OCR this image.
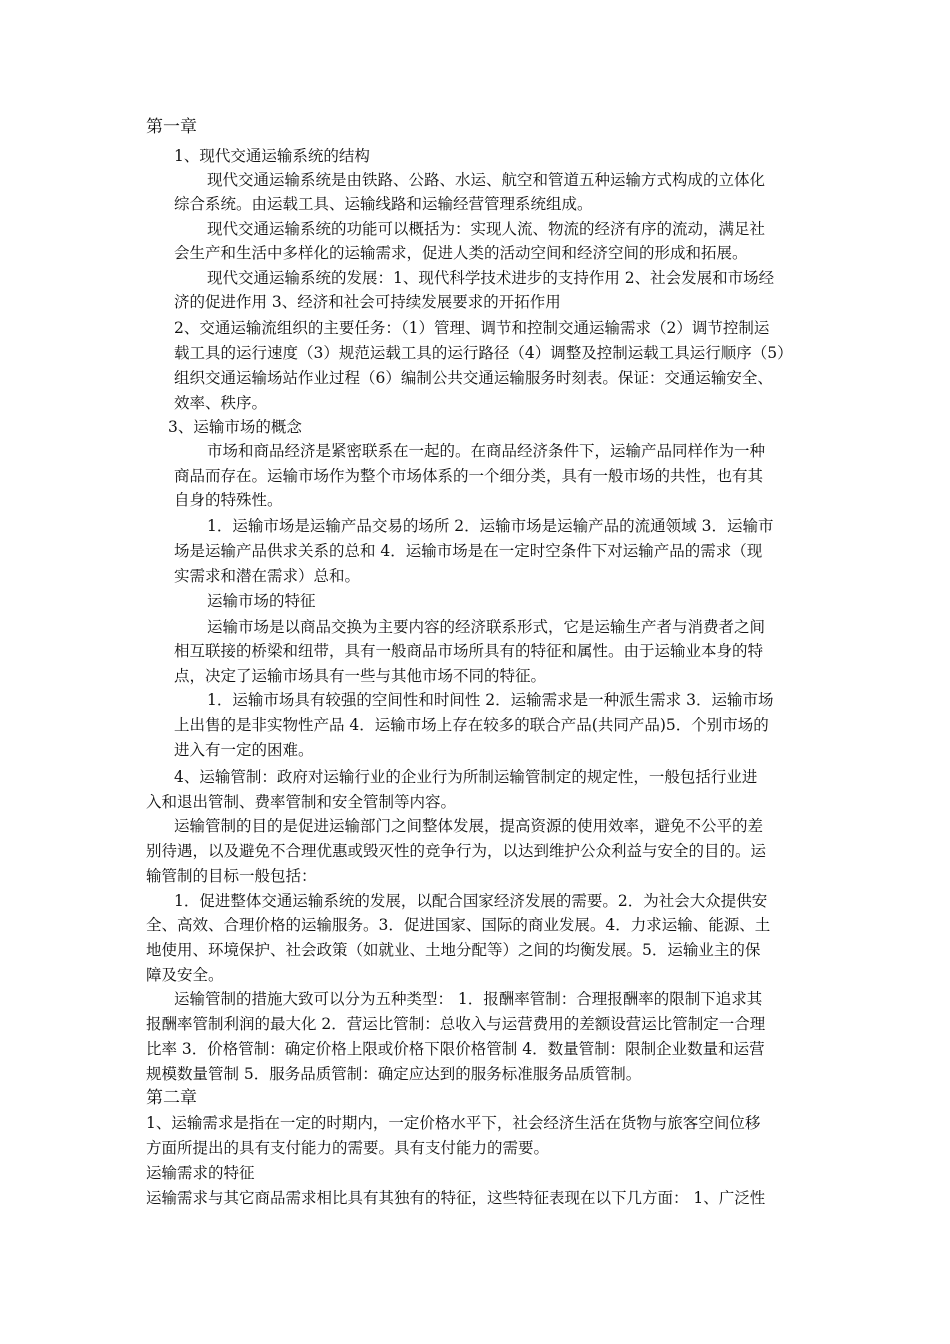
第一章
1、现代交通运输系统的结构
现代交通运输系统是由铁路、公路、水运、航空和管道五种运输方式构成的立体化
综合系统。由运载工具、运输线路和运输经营管理系统组成。
现代交通运输系统的功能可以概括为：实现人流、物流的经济有序的流动，满足社
会生产和生活中多样化的运输需求，促进人类的活动空间和经济空间的形成和拓展。
现代交通运输系统的发展：1、现代科学技术进步的支持作用 2、社会发展和市场经
济的促进作用 3、经济和社会可持续发展要求的开拓作用
2、交通运输流组织的主要任务：（1）管理、调节和控制交通运输需求（2）调节控制运
载工具的运行速度（3）规范运载工具的运行路径（4）调整及控制运载工具运行顺序（5）
组织交通运输场站作业过程（6）编制公共交通运输服务时刻表。保证：交通运输安全、
效率、秩序。
3、运输市场的概念
市场和商品经济是紧密联系在一起的。在商品经济条件下，运输产品同样作为一种
商品而存在。运输市场作为整个市场体系的一个细分类，具有一般市场的共性，也有其
自身的特殊性。
1．运输市场是运输产品交易的场所 2．运输市场是运输产品的流通领域 3．运输市
场是运输产品供求关系的总和 4．运输市场是在一定时空条件下对运输产品的需求（现
实需求和潜在需求）总和。
运输市场的特征
运输市场是以商品交换为主要内容的经济联系形式，它是运输生产者与消费者之间
相互联接的桥梁和纽带，具有一般商品市场所具有的特征和属性。由于运输业本身的特
点，决定了运输市场具有一些与其他市场不同的特征。
1．运输市场具有较强的空间性和时间性 2．运输需求是一种派生需求 3．运输市场
上出售的是非实物性产品 4．运输市场上存在较多的联合产品(共同产品)5．个别市场的
进入有一定的困难。
4、运输管制：政府对运输行业的企业行为所制运输管制定的规定性，一般包括行业进
入和退出管制、费率管制和安全管制等内容。
运输管制的目的是促进运输部门之间整体发展，提高资源的使用效率，避免不公平的差
别待遇，以及避免不合理优惠或毁灭性的竞争行为，以达到维护公众利益与安全的目的。运
输管制的目标一般包括：
1．促进整体交通运输系统的发展，以配合国家经济发展的需要。2．为社会大众提供安
全、高效、合理价格的运输服务。3．促进国家、国际的商业发展。4．力求运输、能源、土
地使用、环境保护、社会政策（如就业、土地分配等）之间的均衡发展。5．运输业主的保
障及安全。
运输管制的措施大致可以分为五种类型： 1．报酬率管制：合理报酬率的限制下追求其
报酬率管制利润的最大化 2．营运比管制：总收入与运营费用的差额设营运比管制定一合理
比率 3．价格管制：确定价格上限或价格下限价格管制 4．数量管制：限制企业数量和运营
规模数量管制 5．服务品质管制：确定应达到的服务标准服务品质管制。
第二章
1、运输需求是指在一定的时期内，一定价格水平下，社会经济生活在货物与旅客空间位移
方面所提出的具有支付能力的需要。具有支付能力的需要。
运输需求的特征
运输需求与其它商品需求相比具有其独有的特征，这些特征表现在以下几方面： 1、广泛性
